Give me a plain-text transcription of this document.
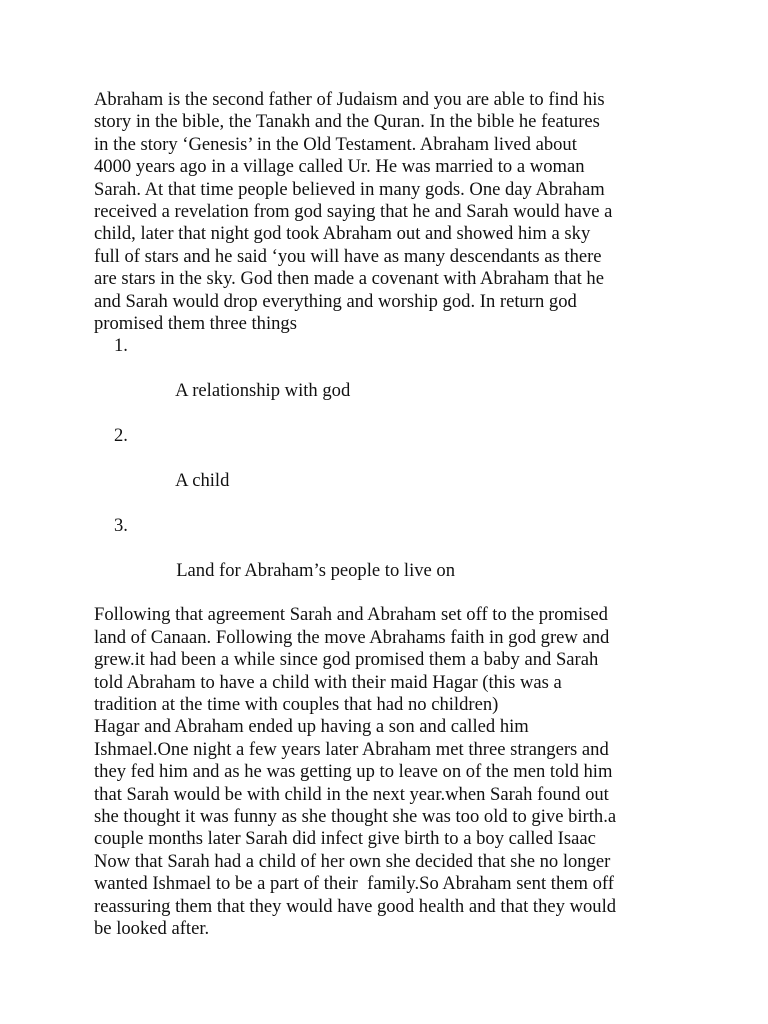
Abraham is the second father of Judaism and you are able to find his
story in the bible, the Tanakh and the Quran. In the bible he features
in the story ‘Genesis’ in the Old Testament. Abraham lived about
4000 years ago in a village called Ur. He was married to a woman
Sarah. At that time people believed in many gods. One day Abraham
received a revelation from god saying that he and Sarah would have a
child, later that night god took Abraham out and showed him a sky
full of stars and he said ‘you will have as many descendants as there
are stars in the sky. God then made a covenant with Abraham that he
and Sarah would drop everything and worship god. In return god
promised them three things

1.

A relationship with god

2.

A child

3.

Land for Abraham’s people to live on

Following that agreement Sarah and Abraham set off to the promised
land of Canaan. Following the move Abrahams faith in god grew and
grew.it had been a while since god promised them a baby and Sarah
told Abraham to have a child with their maid Hagar (this was a
tradition at the time with couples that had no children)
Hagar and Abraham ended up having a son and called him
Ishmael.One night a few years later Abraham met three strangers and
they fed him and as he was getting up to leave on of the men told him
that Sarah would be with child in the next year.when Sarah found out
she thought it was funny as she thought she was too old to give birth.a
couple months later Sarah did infect give birth to a boy called Isaac
Now that Sarah had a child of her own she decided that she no longer
wanted Ishmael to be a part of their  family.So Abraham sent them off
reassuring them that they would have good health and that they would
be looked after.
